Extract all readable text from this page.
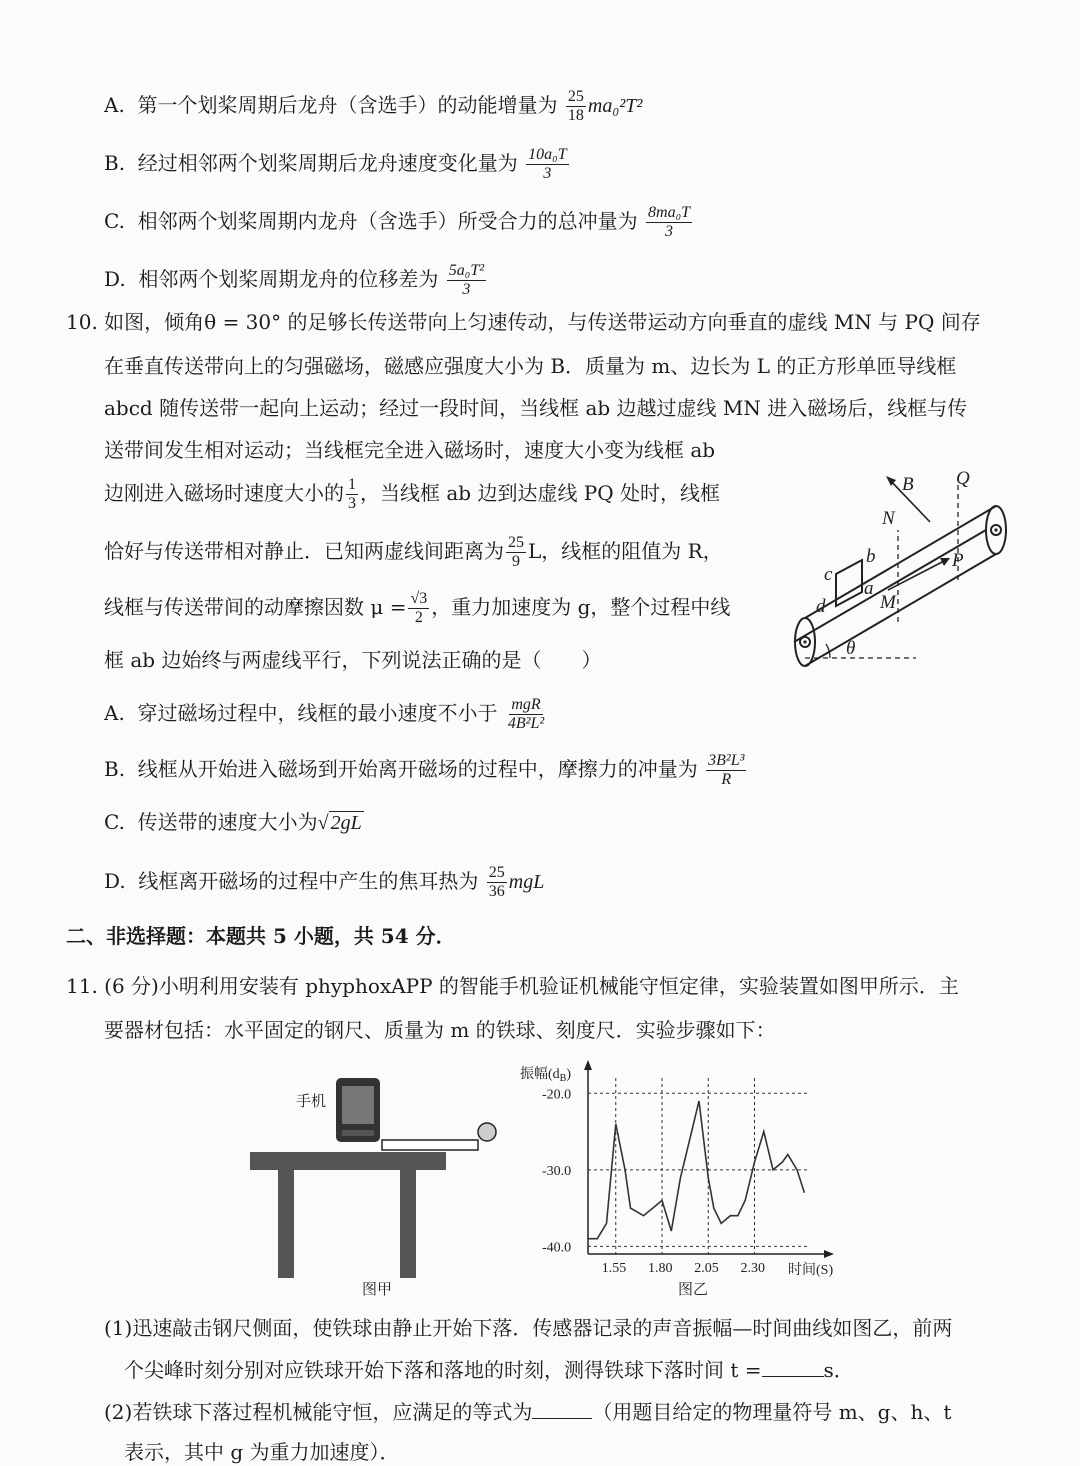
A. 第一个划桨周期后龙舟（含选手）的动能增量为 $\frac{25}{18} ma_0^2T^2$
B. 经过相邻两个划桨周期后龙舟速度变化量为 $\frac{\text{10a₀T}}{3}$
C. 相邻两个划桨周期内龙舟（含选手）所受合力的总冲量为 $\frac{\text{8ma₀T}}{3}$
D. 相邻两个划桨周期龙舟的位移差为 $\frac{\text{5a₀T²}}{3}$
10. 如图，倾角θ = 30° 的足够长传送带向上匀速传动，与传送带运动方向垂直的虚线 MN 与 PQ 间存
在垂直传送带向上的匀强磁场，磁感应强度大小为 B．质量为 m、边长为 L 的正方形单匝导线框
abcd 随传送带一起向上运动；经过一段时间，当线框 ab 边越过虚线 MN 进入磁场后，线框与传
送带间发生相对运动；当线框完全进入磁场时，速度大小变为线框 ab
边刚进入磁场时速度大小的 $\frac{1}{3}$ ，当线框 ab 边到达虚线 PQ 处时，线框
恰好与传送带相对静止．已知两虚线间距离为 $\frac{25}{9}$ L，线框的阻值为 R，
线框与传送带间的动摩擦因数 $\mu = \frac{√3}{2}$ ，重力加速度为 g，整个过程中线
框 ab 边始终与两虚线平行，下列说法正确的是（　　）
B Q
N
b
c
a
P
d	M
θ
A. 穿过磁场过程中，线框的最小速度不小于 $\frac{\text{mgR}}{\text{4B²L²}}$
B. 线框从开始进入磁场到开始离开磁场的过程中，摩擦力的冲量为 $\frac{\text{3B²L³}}{R}$
C. 传送带的速度大小为√ 2gL
D. 线框离开磁场的过程中产生的焦耳热为 $\frac{25}{36}$ mgL
二、非选择题：本题共 5 小题，共 54 分．
11. (6 分)小明利用安装有 phyphoxAPP 的智能手机验证机械能守恒定律，实验装置如图甲所示．主
要器材包括：水平固定的钢尺、质量为 m 的铁球、刻度尺．实验步骤如下：
手机
图甲
-20.0
-30.0
-40.0
1.55 1.80 2.05 2.30
振幅$(d_B)$
时间(S)
图乙
(1)迅速敲击钢尺侧面，使铁球由静止开始下落．传感器记录的声音振幅—时间曲线如图乙，前两
个尖峰时刻分别对应铁球开始下落和落地的时刻，测得铁球下落时间 t =	s．
(2)若铁球下落过程机械能守恒，应满足的等式为	（用题目给定的物理量符号 m、g、h、t
表示，其中 g 为重力加速度）．
